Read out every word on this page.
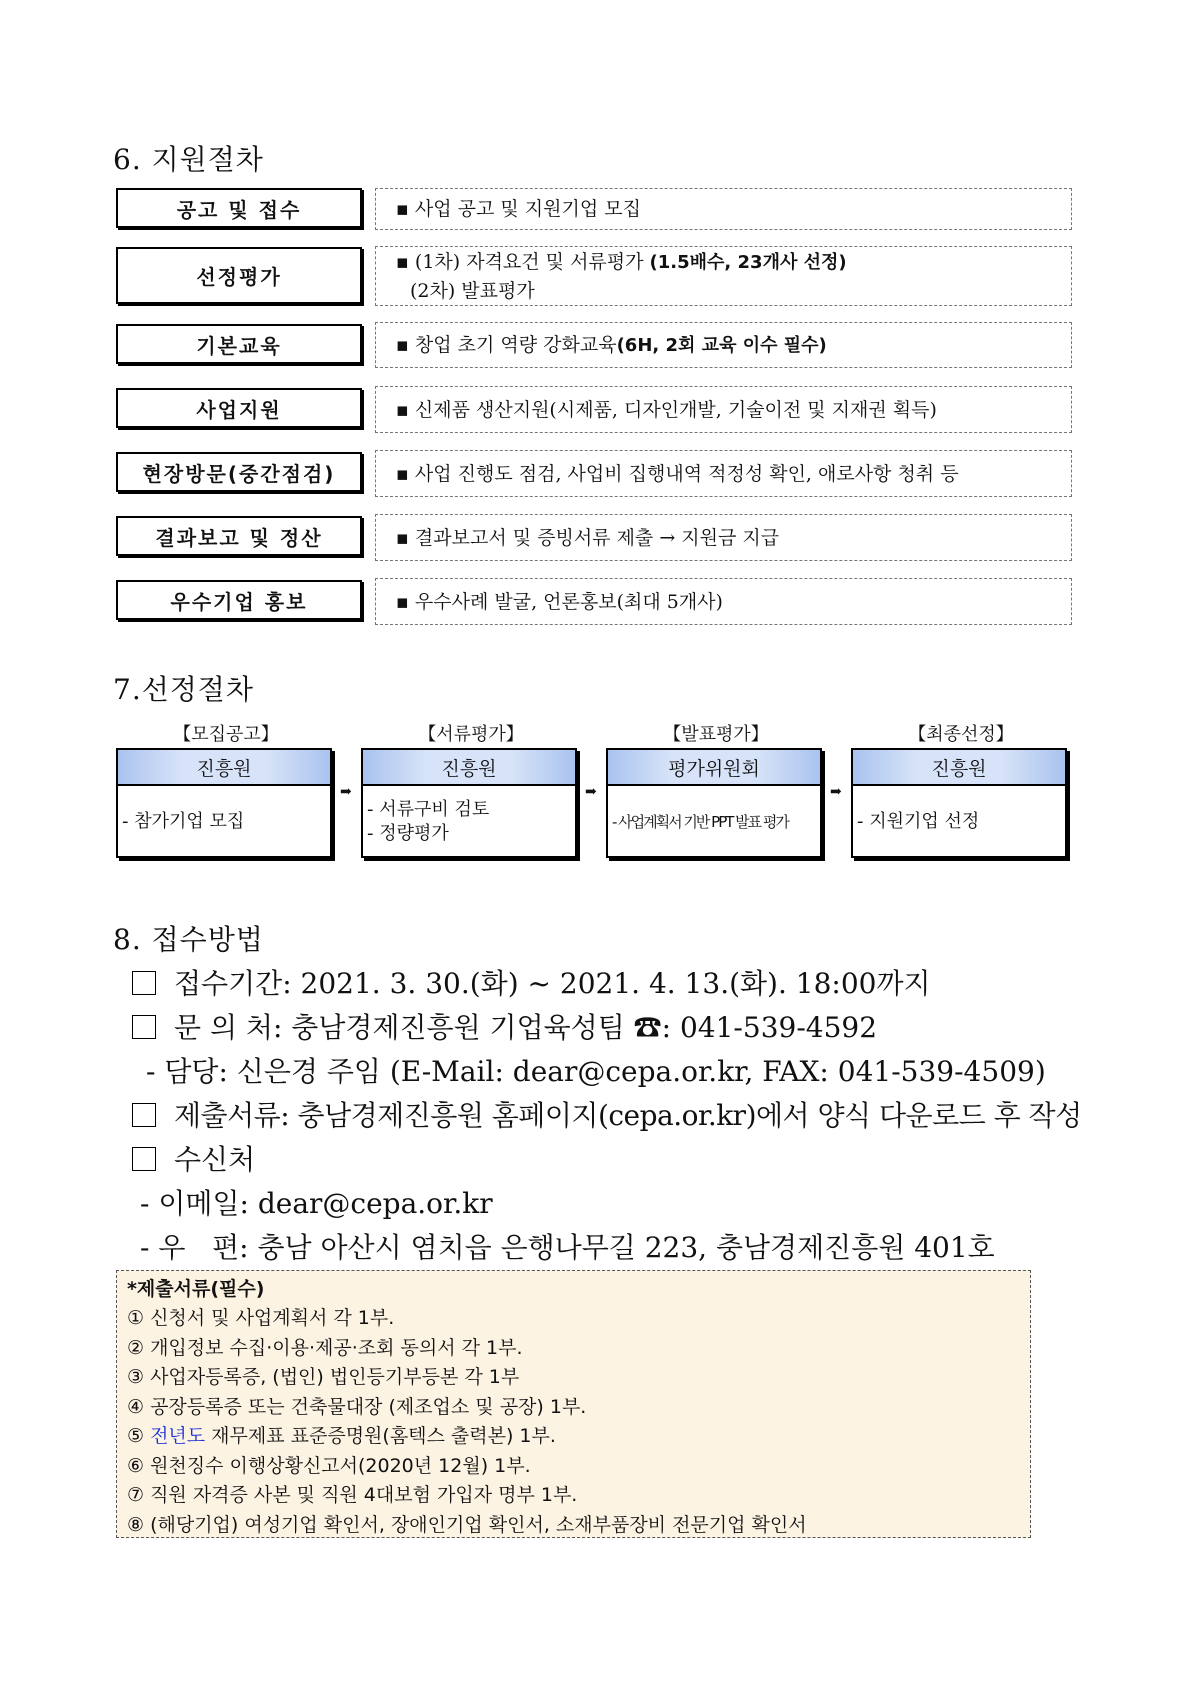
6. 지원절차
공고 및 접수	▪ 사업 공고 및 지원기업 모집
선정평가
▪ (1차) 자격요건 및 서류평가 (1.5배수, 23개사 선정)
(2차) 발표평가
기본교육	▪ 창업 초기 역량 강화교육(6H, 2회 교육 이수 필수)
사업지원	▪ 신제품 생산지원(시제품, 디자인개발, 기술이전 및 지재권 획득)
현장방문(중간점검)	▪ 사업 진행도 점검, 사업비 집행내역 적정성 확인, 애로사항 청취 등
결과보고 및 정산	▪ 결과보고서 및 증빙서류 제출 → 지원금 지급
우수기업 홍보	▪ 우수사례 발굴, 언론홍보(최대 5개사)
7.선정절차
【모집공고】	【서류평가】	【발표평가】	【최종선정】
진흥원
- 참가기업 모집
➡
진흥원
- 서류구비 검토
- 정량평가
➡
평가위원회
- 사업계획서 기반 PPT 발표 평가
➡
진흥원
- 지원기업 선정
8. 접수방법
접수기간: 2021. 3. 30.(화) ~ 2021. 4. 13.(화). 18:00까지
문 의 처: 충남경제진흥원 기업육성팀 ☎: 041-539-4592
- 담당: 신은경 주임 (E-Mail: dear@cepa.or.kr, FAX: 041-539-4509)
제출서류: 충남경제진흥원 홈페이지(cepa.or.kr)에서 양식 다운로드 후 작성
수신처
- 이메일: dear@cepa.or.kr
- 우   편: 충남 아산시 염치읍 은행나무길 223, 충남경제진흥원 401호
*제출서류(필수)
① 신청서 및 사업계획서 각 1부.
② 개입정보 수집·이용·제공·조회 동의서 각 1부.
③ 사업자등록증, (법인) 법인등기부등본 각 1부
④ 공장등록증 또는 건축물대장 (제조업소 및 공장) 1부.
⑤ 전년도 재무제표 표준증명원(홈텍스 출력본) 1부.
⑥ 원천징수 이행상황신고서(2020년 12월) 1부.
⑦ 직원 자격증 사본 및 직원 4대보험 가입자 명부 1부.
⑧ (해당기업) 여성기업 확인서, 장애인기업 확인서, 소재부품장비 전문기업 확인서
